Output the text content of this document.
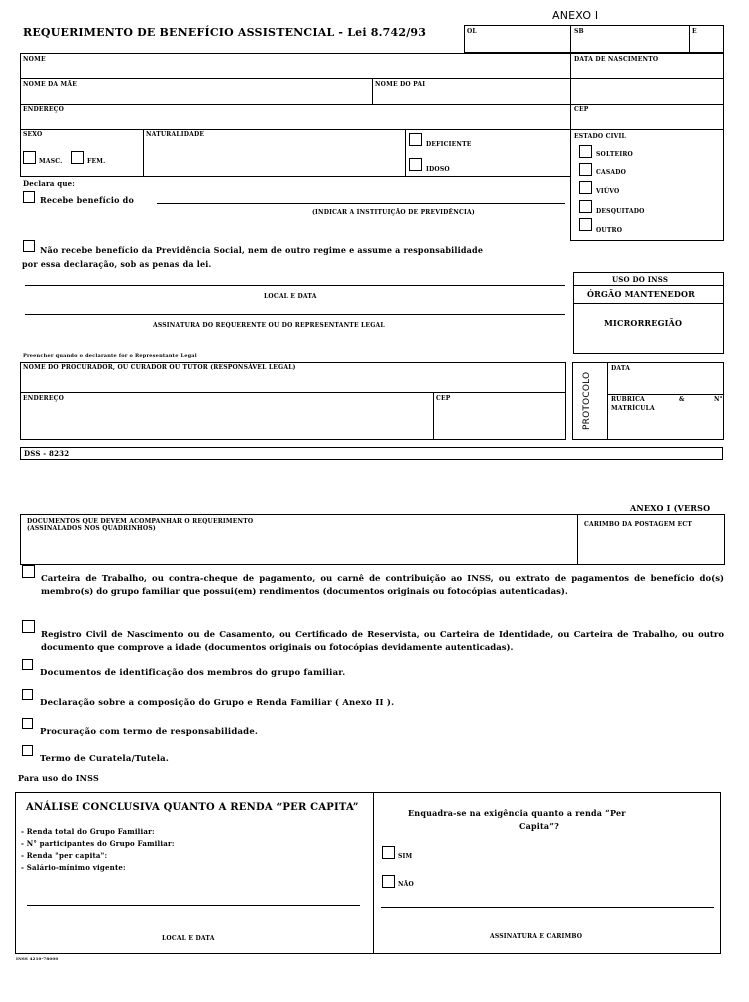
ANEXO I
REQUERIMENTO DE BENEFÍCIO ASSISTENCIAL - Lei 8.742/93	OL	SB	E
NOME	DATA DE NASCIMENTO
NOME DA MÃE	NOME DO PAI
ENDEREÇO	CEP
SEXO
MASC.	FEM.
NATURALIDADE
DEFICIENTE
IDOSO
ESTADO CIVIL
SOLTEIRO
CASADO
VIÚVO
DESQUITADO
OUTRO
Declara que:
Recebe benefício do
(INDICAR A INSTITUIÇÃO DE PREVIDÊNCIA)
Não recebe benefício da Previdência Social, nem de outro regime e assume a responsabilidade
por essa declaração, sob as penas da lei.
LOCAL E DATA
ASSINATURA DO REQUERENTE OU DO REPRESENTANTE LEGAL
USO DO INSS
ÓRGÃO MANTENEDOR
MICRORREGIÃO
Preencher quando o declarante for o Representante Legal
NOME DO PROCURADOR, OU CURADOR OU TUTOR (RESPONSÁVEL LEGAL)
ENDEREÇO	CEP	PROTOCOLO
DATA
RUBRICA	&	N°
MATRÍCULA
DSS - 8232
ANEXO I (VERSO
DOCUMENTOS QUE DEVEM ACOMPANHAR O REQUERIMENTO
(ASSINALADOS NOS QUADRINHOS)
CARIMBO DA POSTAGEM ECT
Carteira de Trabalho, ou contra-cheque de pagamento, ou carnê de contribuição ao INSS, ou extrato de pagamentos de benefício do(s) membro(s) do grupo familiar que possui(em) rendimentos (documentos originais ou fotocópias autenticadas).
Registro Civil de Nascimento ou de Casamento, ou Certificado de Reservista, ou Carteira de Identidade, ou Carteira de Trabalho, ou outro documento que comprove a idade (documentos originais ou fotocópias devidamente autenticadas).
Documentos de identificação dos membros do grupo familiar.
Declaração sobre a composição do Grupo e Renda Familiar ( Anexo II ).
Procuração com termo de responsabilidade.
Termo de Curatela/Tutela.
Para uso do INSS
ANÁLISE CONCLUSIVA QUANTO A RENDA “PER CAPITA”
- Renda total do Grupo Familiar:
- N° participantes do Grupo Familiar:
- Renda "per capita":
- Salário-mínimo vigente:
LOCAL E DATA
Enquadra-se na exigência quanto a renda “Per
Capita”?
SIM
NÃO
ASSINATURA E CARIMBO
INSS 4210-78000
